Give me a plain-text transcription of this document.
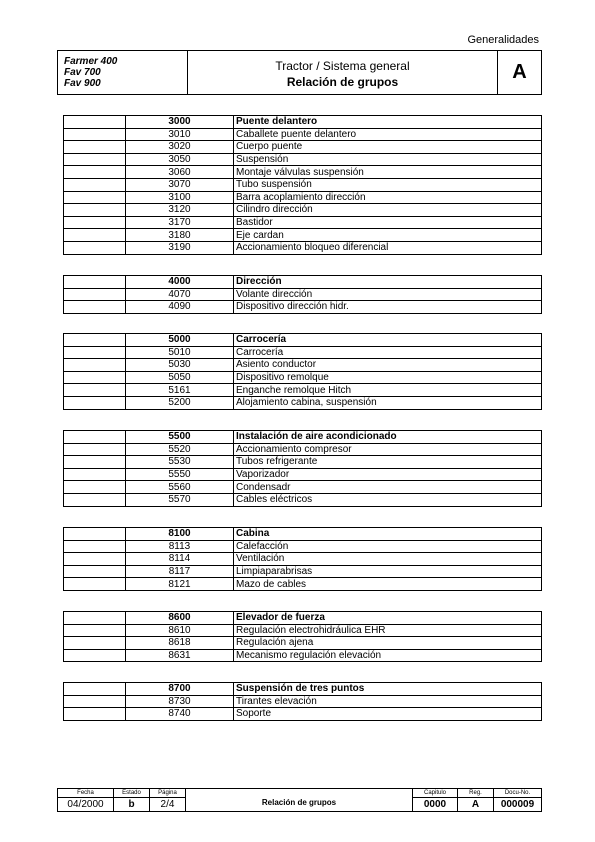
Generalidades
Farmer 400
Fav 700
Fav 900
Tractor / Sistema general
Relación de grupos	A
	3000	Puente delantero
	3010	Caballete puente delantero
	3020	Cuerpo puente
	3050	Suspensión
	3060	Montaje válvulas suspensión
	3070	Tubo suspensión
	3100	Barra acoplamiento dirección
	3120	Cilindro dirección
	3170	Bastidor
	3180	Eje cardan
	3190	Accionamiento bloqueo diferencial
	4000	Dirección
	4070	Volante dirección
	4090	Dispositivo dirección hidr.
	5000	Carrocería
	5010	Carrocería
	5030	Asiento conductor
	5050	Dispositivo remolque
	5161	Enganche remolque Hitch
	5200	Alojamiento cabina, suspensión
	5500	Instalación de aire acondicionado
	5520	Accionamiento compresor
	5530	Tubos refrigerante
	5550	Vaporizador
	5560	Condensadr
	5570	Cables eléctricos
	8100	Cabina
	8113	Calefacción
	8114	Ventilación
	8117	Limpiaparabrisas
	8121	Mazo de cables
	8600	Elevador de fuerza
	8610	Regulación electrohidráulica EHR
	8618	Regulación ajena
	8631	Mecanismo regulación elevación
	8700	Suspensión de tres puntos
	8730	Tirantes elevación
	8740	Soporte
Fecha
04/2000
Estado
b
Página
2/4	Relación de grupos
Capitulo
0000
Reg.
A
Docu-No.
000009
